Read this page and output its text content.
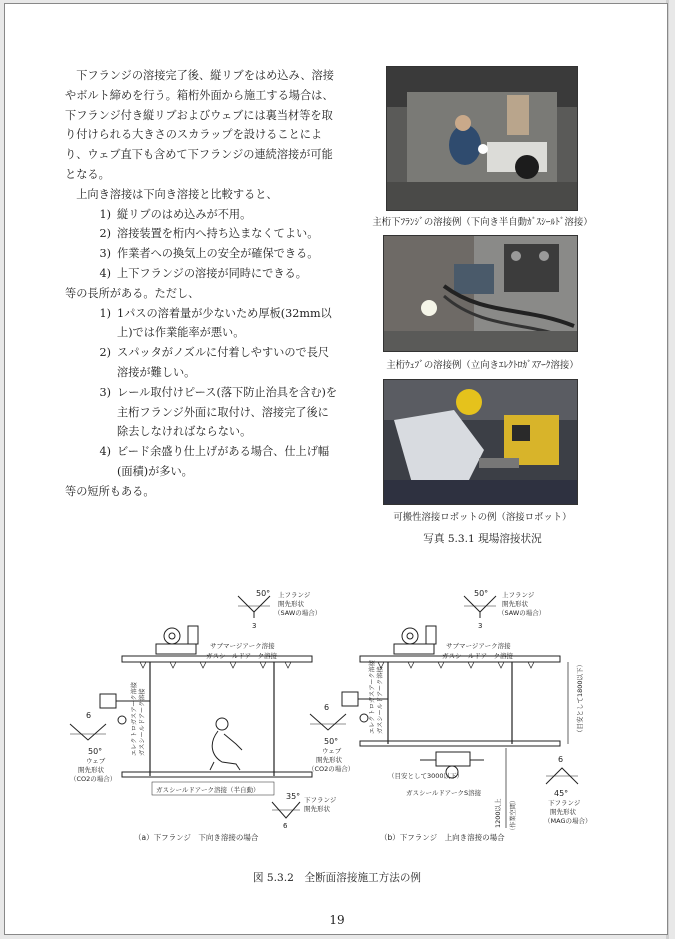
下フランジの溶接完了後、縦リブをはめ込み、溶接やボルト締めを行う。箱桁外面から施工する場合は、下フランジ付き縦リブおよびウェブには裏当材等を取り付けられる大きさのスカラップを設けることにより、ウェブ直下も含めて下フランジの連続溶接が可能となる。

上向き溶接は下向き溶接と比較すると、

1) 縦リブのはめ込みが不用。
2) 溶接装置を桁内へ持ち込まなくてよい。
3) 作業者への換気上の安全が確保できる。
4) 上下フランジの溶接が同時にできる。

等の長所がある。ただし、

1) 1パスの溶着量が少ないため厚板(32mm以上)では作業能率が悪い。
2) スパッタがノズルに付着しやすいので長尺溶接が難しい。
3) レール取付けピース(落下防止治具を含む)を主桁フランジ外面に取付け、溶接完了後に除去しなければならない。
4) ビード余盛り仕上げがある場合、仕上げ幅(面積)が多い。

等の短所もある。

主桁下ﾌﾗﾝｼﾞの溶接例（下向き半自動ｶﾞｽｼｰﾙﾄﾞ溶接）
主桁ｳｪﾌﾞの溶接例（立向きｴﾚｸﾄﾛｶﾞｽｱｰｸ溶接）
可搬性溶接ロボットの例（溶接ロボット）
写真 5.3.1 現場溶接状況
50° 上フランジ
開先形状
（SAWの場合）
3
サブマージアーク溶接
ガスシールドアーク溶接
エレクトロガスアーク溶接 ガスシールドアーク溶接
6
50°
ウェブ
開先形状
（CO2の場合）
ガスシールドアーク溶接（半自動）
35° 下フランジ
開先形状
6
（a）下フランジ　下向き溶接の場合
50° 上フランジ
開先形状
（SAWの場合）
3
サブマージアーク溶接
ガスシールドアーク溶接
エレクトロガスアーク溶接 ガスシールドアーク溶接	（目安として1800以下）
6
50°
ウェブ
開先形状
（CO2の場合）
（目安として3000以下）
ガスシールドアークS溶接
1200以上 （作業空間）
6
45°
下フランジ
開先形状
（MAGの場合）
（b）下フランジ　上向き溶接の場合
図 5.3.2　全断面溶接施工方法の例
19
